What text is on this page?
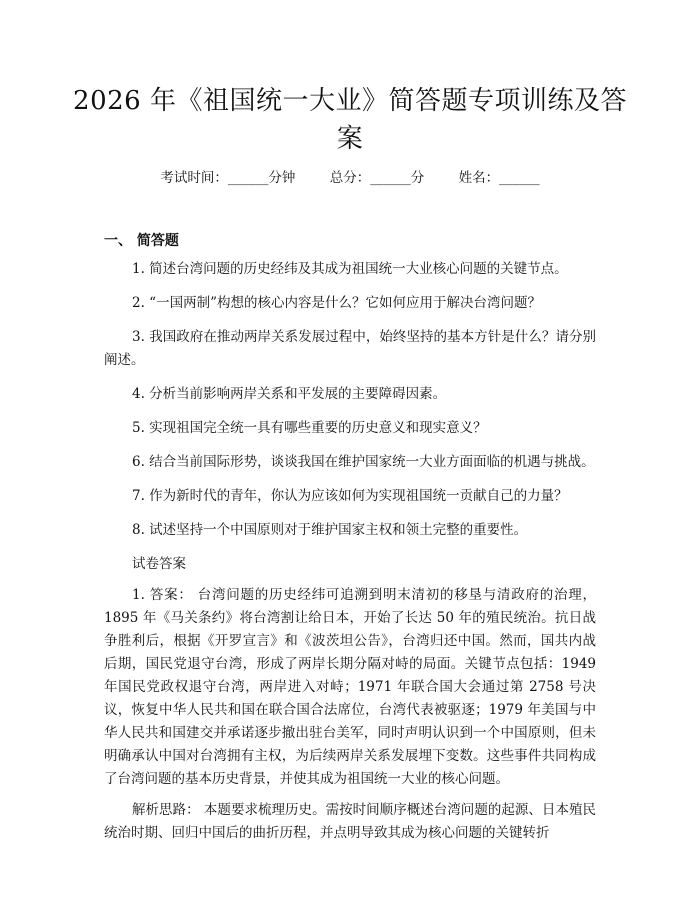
2026 年《祖国统一大业》简答题专项训练及答案
考试时间：______分钟	总分：______分	姓名：______
一、 简答题

1. 简述台湾问题的历史经纬及其成为祖国统一大业核心问题的关键节点。

2. “一国两制”构想的核心内容是什么？它如何应用于解决台湾问题？

3. 我国政府在推动两岸关系发展过程中，始终坚持的基本方针是什么？请分别阐述。

4. 分析当前影响两岸关系和平发展的主要障碍因素。

5. 实现祖国完全统一具有哪些重要的历史意义和现实意义？

6. 结合当前国际形势，谈谈我国在维护国家统一大业方面面临的机遇与挑战。

7. 作为新时代的青年，你认为应该如何为实现祖国统一贡献自己的力量？

8. 试述坚持一个中国原则对于维护国家主权和领土完整的重要性。

试卷答案

1. 答案： 台湾问题的历史经纬可追溯到明末清初的移垦与清政府的治理，1895 年《马关条约》将台湾割让给日本，开始了长达 50 年的殖民统治。抗日战争胜利后，根据《开罗宣言》和《波茨坦公告》，台湾归还中国。然而，国共内战后期，国民党退守台湾，形成了两岸长期分隔对峙的局面。关键节点包括：1949 年国民党政权退守台湾，两岸进入对峙；1971 年联合国大会通过第 2758 号决议，恢复中华人民共和国在联合国合法席位，台湾代表被驱逐；1979 年美国与中华人民共和国建交并承诺逐步撤出驻台美军，同时声明认识到一个中国原则，但未明确承认中国对台湾拥有主权，为后续两岸关系发展埋下变数。这些事件共同构成了台湾问题的基本历史背景，并使其成为祖国统一大业的核心问题。

解析思路： 本题要求梳理历史。需按时间顺序概述台湾问题的起源、日本殖民统治时期、回归中国后的曲折历程，并点明导致其成为核心问题的关键转折
